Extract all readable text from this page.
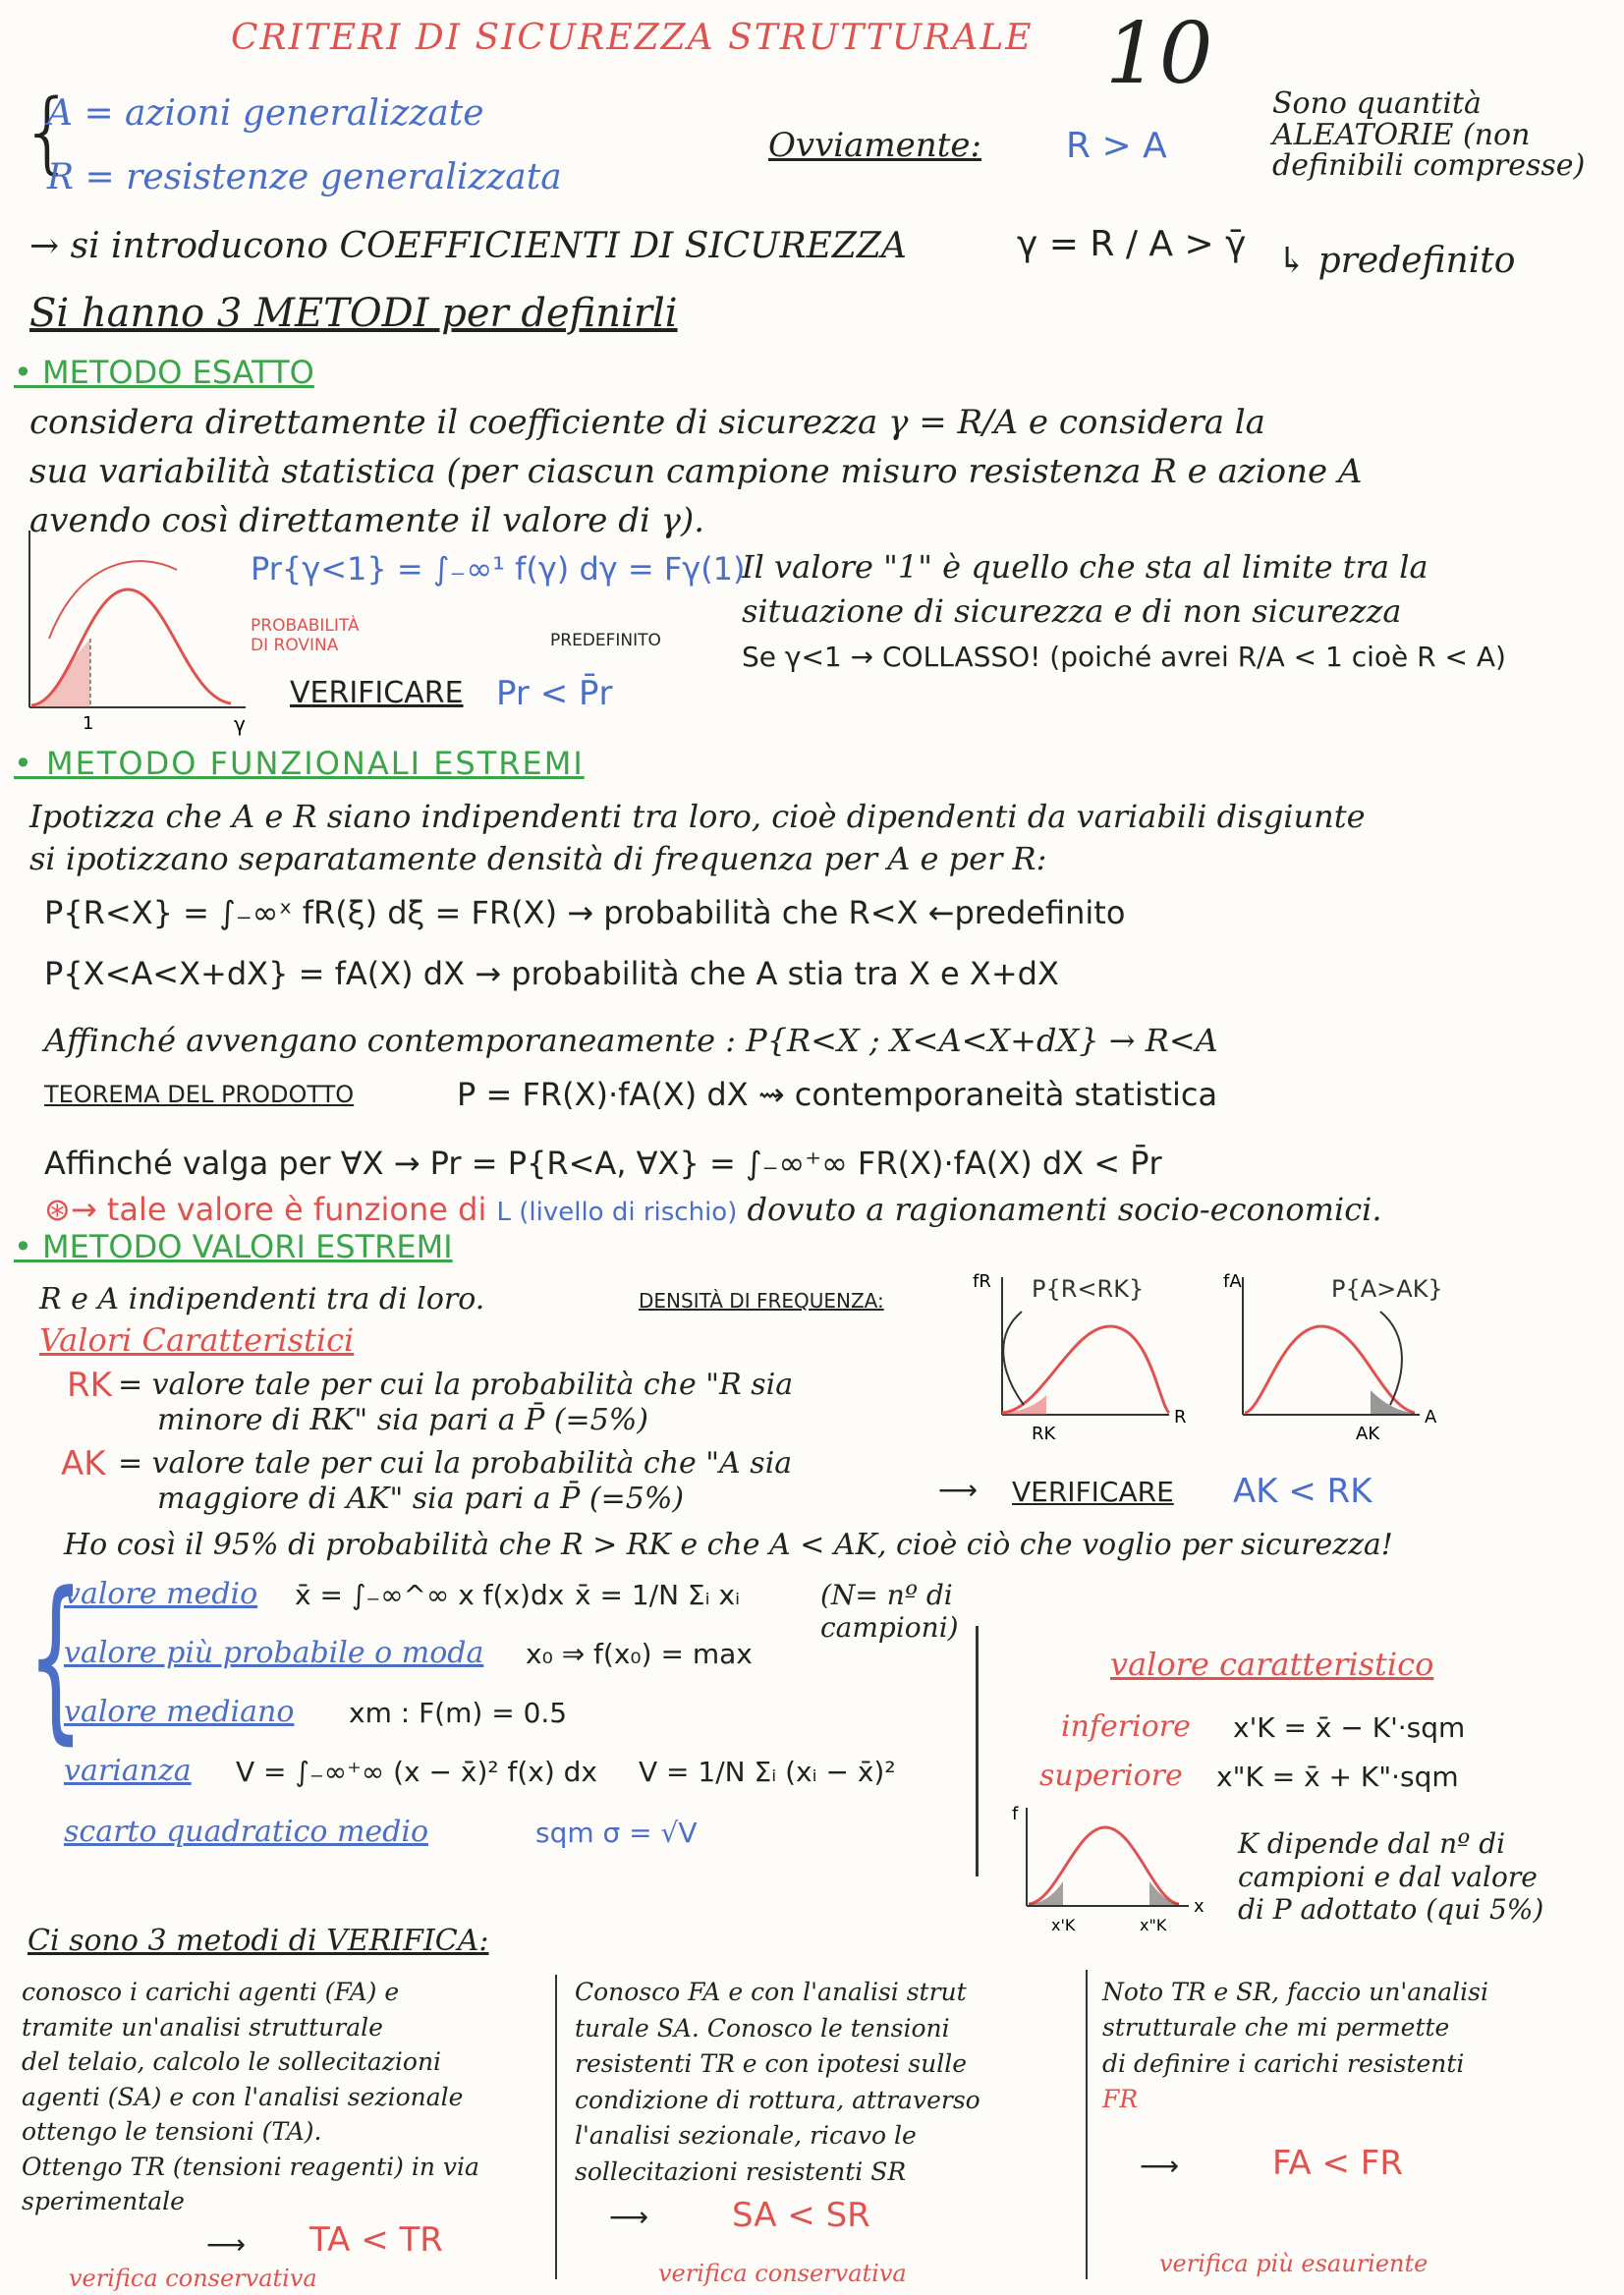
CRITERI DI SICUREZZA STRUTTURALE 10
{
A = azioni generalizzate
R = resistenze generalizzata
Ovviamente: R > A
Sono quantità ALEATORIE (non definibili compresse)
→ si introducono COEFFICIENTI DI SICUREZZA	γ = R / A > γ̄ ↳ predefinito
Si hanno 3 METODI per definirli
• METODO ESATTO
considera direttamente il coefficiente di sicurezza γ = R/A e considera la
sua variabilità statistica (per ciascun campione misuro resistenza R e azione A
avendo così direttamente il valore di γ).
1	γ
Pr{γ<1} = ∫₋∞¹ f(γ) dγ = Fγ(1)
PROBABILITÀ DI ROVINA	PREDEFINITO
VERIFICARE Pr < P̄r
Il valore "1" è quello che sta al limite tra la
situazione di sicurezza e di non sicurezza
Se γ<1 → COLLASSO! (poiché avrei R/A < 1 cioè R < A)
• METODO FUNZIONALI ESTREMI
Ipotizza che A e R siano indipendenti tra loro, cioè dipendenti da variabili disgiunte
si ipotizzano separatamente densità di frequenza per A e per R:
P{R<X} = ∫₋∞ˣ fR(ξ) dξ = FR(X) → probabilità che R<X ←predefinito
P{X<A<X+dX} = fA(X) dX → probabilità che A stia tra X e X+dX
Affinché avvengano contemporaneamente : P{R<X ; X<A<X+dX} → R<A
TEOREMA DEL PRODOTTO	P = FR(X)·fA(X) dX ⇝ contemporaneità statistica
Affinché valga per ∀X → Pr = P{R<A, ∀X} = ∫₋∞⁺∞ FR(X)·fA(X) dX < P̄r
⊛→ tale valore è funzione di L (livello di rischio) dovuto a ragionamenti socio-economici.
• METODO VALORI ESTREMI
R e A indipendenti tra di loro.	DENSITÀ DI FREQUENZA:
Valori Caratteristici
RK = valore tale per cui la probabilità che "R sia
minore di RK" sia pari a P̄ (=5%)
AK = valore tale per cui la probabilità che "A sia
maggiore di AK" sia pari a P̄ (=5%)	⟶ VERIFICARE AK < RK
Ho così il 95% di probabilità che R > RK e che A < AK, cioè ciò che voglio per sicurezza!
fR P{R<RK}
RK
R
fA	P{A>AK}
AK
A
{
valore medio x̄ = ∫₋∞^∞ x f(x)dx x̄ = 1/N Σᵢ xᵢ	(N= nº di campioni)
valore più probabile o moda x₀ ⇒ f(x₀) = max
valore mediano xm : F(m) = 0.5
varianza V = ∫₋∞⁺∞ (x − x̄)² f(x) dx V = 1/N Σᵢ (xᵢ − x̄)²
scarto quadratico medio	sqm σ = √V
valore caratteristico
inferiore x'K = x̄ − K'·sqm
superiore x"K = x̄ + K"·sqm
f
x'K	x"K
x
K dipende dal nº di
campioni e dal valore
di P adottato (qui 5%)
Ci sono 3 metodi di VERIFICA:
conosco i carichi agenti (FA) e
tramite un'analisi strutturale
del telaio, calcolo le sollecitazioni
agenti (SA) e con l'analisi sezionale
ottengo le tensioni (TA).
Ottengo TR (tensioni reagenti) in via
sperimentale
⟶ TA < TR
verifica conservativa
Conosco FA e con l'analisi strut
turale SA. Conosco le tensioni
resistenti TR e con ipotesi sulle
condizione di rottura, attraverso
l'analisi sezionale, ricavo le
sollecitazioni resistenti SR
⟶ SA < SR
verifica conservativa
Noto TR e SR, faccio un'analisi
strutturale che mi permette
di definire i carichi resistenti
FR
⟶	FA < FR
verifica più esauriente
